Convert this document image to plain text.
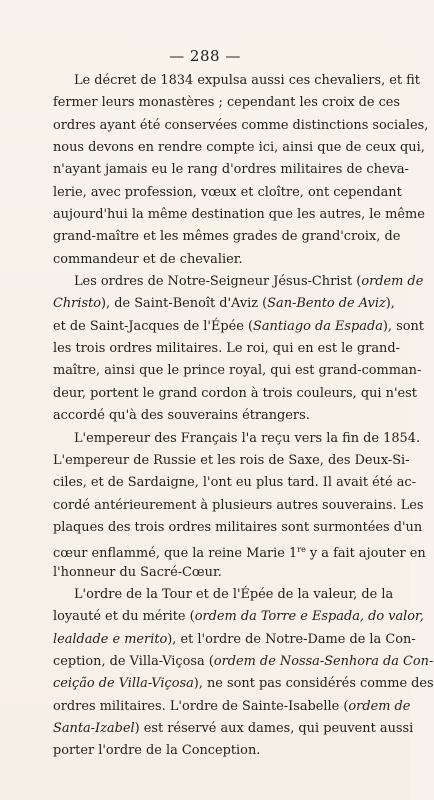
— 288 —
Le décret de 1834 expulsa aussi ces chevaliers, et fit
fermer leurs monastères ; cependant les croix de ces
ordres ayant été conservées comme distinctions sociales,
nous devons en rendre compte ici, ainsi que de ceux qui,
n'ayant jamais eu le rang d'ordres militaires de cheva-
lerie, avec profession, vœux et cloître, ont cependant
aujourd'hui la même destination que les autres, le même
grand-maître et les mêmes grades de grand'croix, de
commandeur et de chevalier.
Les ordres de Notre-Seigneur Jésus-Christ (ordem de
Christo), de Saint-Benoît d'Aviz (San-Bento de Aviz),
et de Saint-Jacques de l'Épée (Santiago da Espada), sont
les trois ordres militaires. Le roi, qui en est le grand-
maître, ainsi que le prince royal, qui est grand-comman-
deur, portent le grand cordon à trois couleurs, qui n'est
accordé qu'à des souverains étrangers.
L'empereur des Français l'a reçu vers la fin de 1854.
L'empereur de Russie et les rois de Saxe, des Deux-Si-
ciles, et de Sardaigne, l'ont eu plus tard. Il avait été ac-
cordé antérieurement à plusieurs autres souverains. Les
plaques des trois ordres militaires sont surmontées d'un
cœur enflammé, que la reine Marie 1re y a fait ajouter en
l'honneur du Sacré-Cœur.
L'ordre de la Tour et de l'Épée de la valeur, de la
loyauté et du mérite (ordem da Torre e Espada, do valor,
lealdade e merito), et l'ordre de Notre-Dame de la Con-
ception, de Villa-Viçosa (ordem de Nossa-Senhora da Con-
ceição de Villa-Viçosa), ne sont pas considérés comme des
ordres militaires. L'ordre de Sainte-Isabelle (ordem de
Santa-Izabel) est réservé aux dames, qui peuvent aussi
porter l'ordre de la Conception.
